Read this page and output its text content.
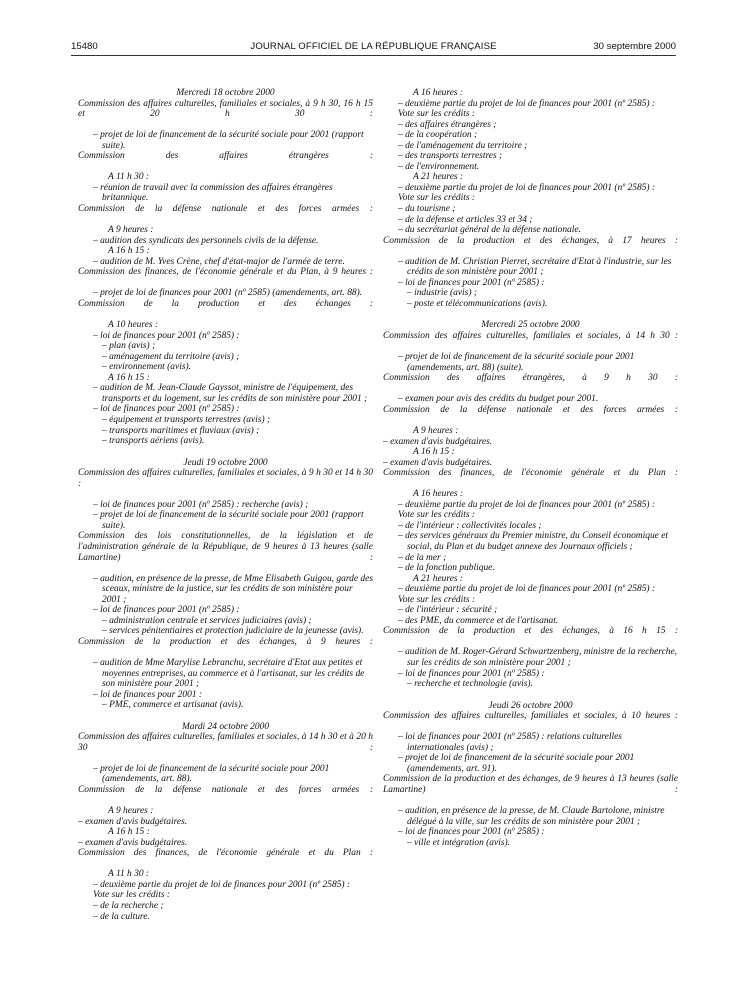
15480	JOURNAL OFFICIEL DE LA RÉPUBLIQUE FRANÇAISE	30 septembre 2000

Mercredi 18 octobre 2000

Commission des affaires culturelles, familiales et sociales, à 9 h 30, 16 h 15 et 20 h 30 :

– projet de loi de financement de la sécurité sociale pour 2001 (rapport suite).

Commission des affaires étrangères :

A 11 h 30 :

– réunion de travail avec la commission des affaires étrangères britannique.

Commission de la défense nationale et des forces armées :

A 9 heures :

– audition des syndicats des personnels civils de la défense.

A 16 h 15 :

– audition de M. Yves Crène, chef d'état-major de l'armée de terre.

Commission des finances, de l'économie générale et du Plan, à 9 heures :

– projet de loi de finances pour 2001 (nº 2585) (amendements, art. 88).

Commission de la production et des échanges :

A 10 heures :

– loi de finances pour 2001 (nº 2585) :

– plan (avis) ;

– aménagement du territoire (avis) ;

– environnement (avis).

A 16 h 15 :

– audition de M. Jean-Claude Gayssot, ministre de l'équipement, des transports et du logement, sur les crédits de son ministère pour 2001 ;

– loi de finances pour 2001 (nº 2585) :

– équipement et transports terrestres (avis) ;

– transports maritimes et fluviaux (avis) ;

– transports aériens (avis).

Jeudi 19 octobre 2000

Commission des affaires culturelles, familiales et sociales, à 9 h 30 et 14 h 30 :

– loi de finances pour 2001 (nº 2585) : recherche (avis) ;

– projet de loi de financement de la sécurité sociale pour 2001 (rapport suite).

Commission des lois constitutionnelles, de la législation et de l'administration générale de la République, de 9 heures à 13 heures (salle Lamartine) :

– audition, en présence de la presse, de Mme Elisabeth Guigou, garde des sceaux, ministre de la justice, sur les crédits de son ministère pour 2001 ;

– loi de finances pour 2001 (nº 2585) :

– administration centrale et services judiciaires (avis) ;

– services pénitentiaires et protection judiciaire de la jeunesse (avis).

Commission de la production et des échanges, à 9 heures :

– audition de Mme Marylise Lebranchu, secrétaire d'Etat aux petites et moyennes entreprises, au commerce et à l'artisanat, sur les crédits de son ministère pour 2001 ;

– loi de finances pour 2001 :

– PME, commerce et artisanat (avis).

Mardi 24 octobre 2000

Commission des affaires culturelles, familiales et sociales, à 14 h 30 et à 20 h 30 :

– projet de loi de financement de la sécurité sociale pour 2001 (amendements, art. 88).

Commission de la défense nationale et des forces armées :

A 9 heures :

– examen d'avis budgétaires.

A 16 h 15 :

– examen d'avis budgétaires.

Commission des finances, de l'économie générale et du Plan :

A 11 h 30 :

– deuxième partie du projet de loi de finances pour 2001 (nº 2585) :

Vote sur les crédits :

– de la recherche ;

– de la culture.

A 16 heures :

– deuxième partie du projet de loi de finances pour 2001 (nº 2585) :

Vote sur les crédits :

– des affaires étrangères ;

– de la coopération ;

– de l'aménagement du territoire ;

– des transports terrestres ;

– de l'environnement.

A 21 heures :

– deuxième partie du projet de loi de finances pour 2001 (nº 2585) :

Vote sur les crédits :

– du tourisme ;

– de la défense et articles 33 et 34 ;

– du secrétariat général de la défense nationale.

Commission de la production et des échanges, à 17 heures :

– audition de M. Christian Pierret, secrétaire d'Etat à l'industrie, sur les crédits de son ministère pour 2001 ;

– loi de finances pour 2001 (nº 2585) :

– industrie (avis) ;

– poste et télécommunications (avis).

Mercredi 25 octobre 2000

Commission des affaires culturelles, familiales et sociales, à 14 h 30 :

– projet de loi de financement de la sécurité sociale pour 2001 (amendements, art. 88) (suite).

Commission des affaires étrangères, à 9 h 30 :

– examen pour avis des crédits du budget pour 2001.

Commission de la défense nationale et des forces armées :

A 9 heures :

– examen d'avis budgétaires.

A 16 h 15 :

– examen d'avis budgétaires.

Commission des finances, de l'économie générale et du Plan :

A 16 heures :

– deuxième partie du projet de loi de finances pour 2001 (nº 2585) :

Vote sur les crédits :

– de l'intérieur : collectivités locales ;

– des services généraux du Premier ministre, du Conseil économique et social, du Plan et du budget annexe des Journaux officiels ;

– de la mer ;

– de la fonction publique.

A 21 heures :

– deuxième partie du projet de loi de finances pour 2001 (nº 2585) :

Vote sur les crédits :

– de l'intérieur : sécurité ;

– des PME, du commerce et de l'artisanat.

Commission de la production et des échanges, à 16 h 15 :

– audition de M. Roger-Gérard Schwartzenberg, ministre de la recherche, sur les crédits de son ministère pour 2001 ;

– loi de finances pour 2001 (nº 2585) :

– recherche et technologie (avis).

Jeudi 26 octobre 2000

Commission des affaires culturelles, familiales et sociales, à 10 heures :

– loi de finances pour 2001 (nº 2585) : relations culturelles internationales (avis) ;

– projet de loi de financement de la sécurité sociale pour 2001 (amendements, art. 91).

Commission de la production et des échanges, de 9 heures à 13 heures (salle Lamartine) :

– audition, en présence de la presse, de M. Claude Bartolone, ministre délégué à la ville, sur les crédits de son ministère pour 2001 ;

– loi de finances pour 2001 (nº 2585) :

– ville et intégration (avis).
